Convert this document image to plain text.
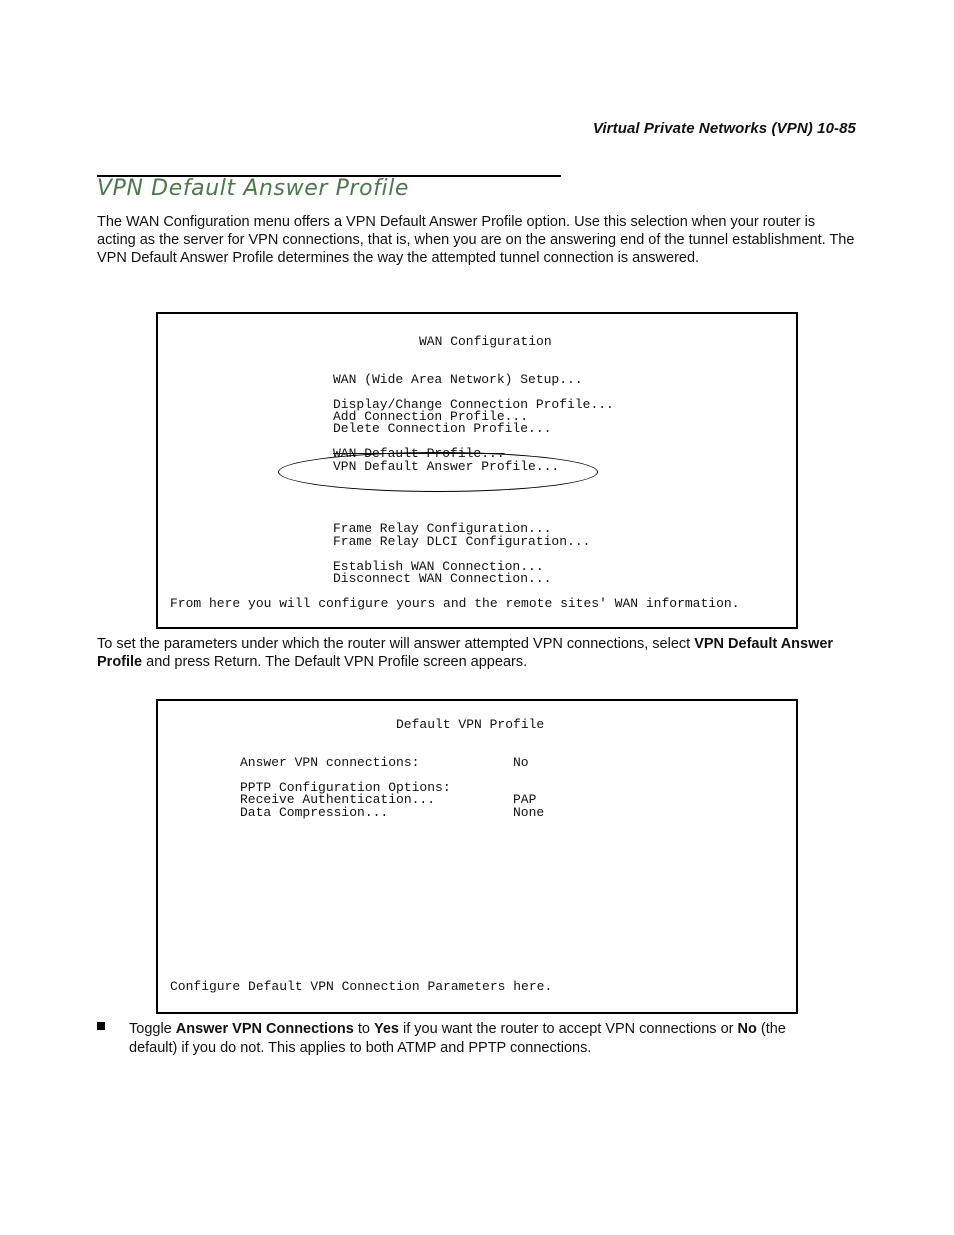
Virtual Private Networks (VPN) 10-85
VPN Default Answer Profile
The WAN Configuration menu offers a VPN Default Answer Profile option. Use this selection when your router is acting as the server for VPN connections, that is, when you are on the answering end of the tunnel establishment. The VPN Default Answer Profile determines the way the attempted tunnel connection is answered.
WAN Configuration
WAN (Wide Area Network) Setup...
Display/Change Connection Profile...
Add Connection Profile...
Delete Connection Profile...
WAN Default Profile...
VPN Default Answer Profile...
Frame Relay Configuration...
Frame Relay DLCI Configuration...
Establish WAN Connection...
Disconnect WAN Connection...
From here you will configure yours and the remote sites' WAN information.
To set the parameters under which the router will answer attempted VPN connections, select VPN Default Answer Profile and press Return. The Default VPN Profile screen appears.
Default VPN Profile
Answer VPN connections:	No
PPTP Configuration Options:
Receive Authentication...	PAP
Data Compression...	None
Configure Default VPN Connection Parameters here.
Toggle Answer VPN Connections to Yes if you want the router to accept VPN connections or No (the default) if you do not. This applies to both ATMP and PPTP connections.
